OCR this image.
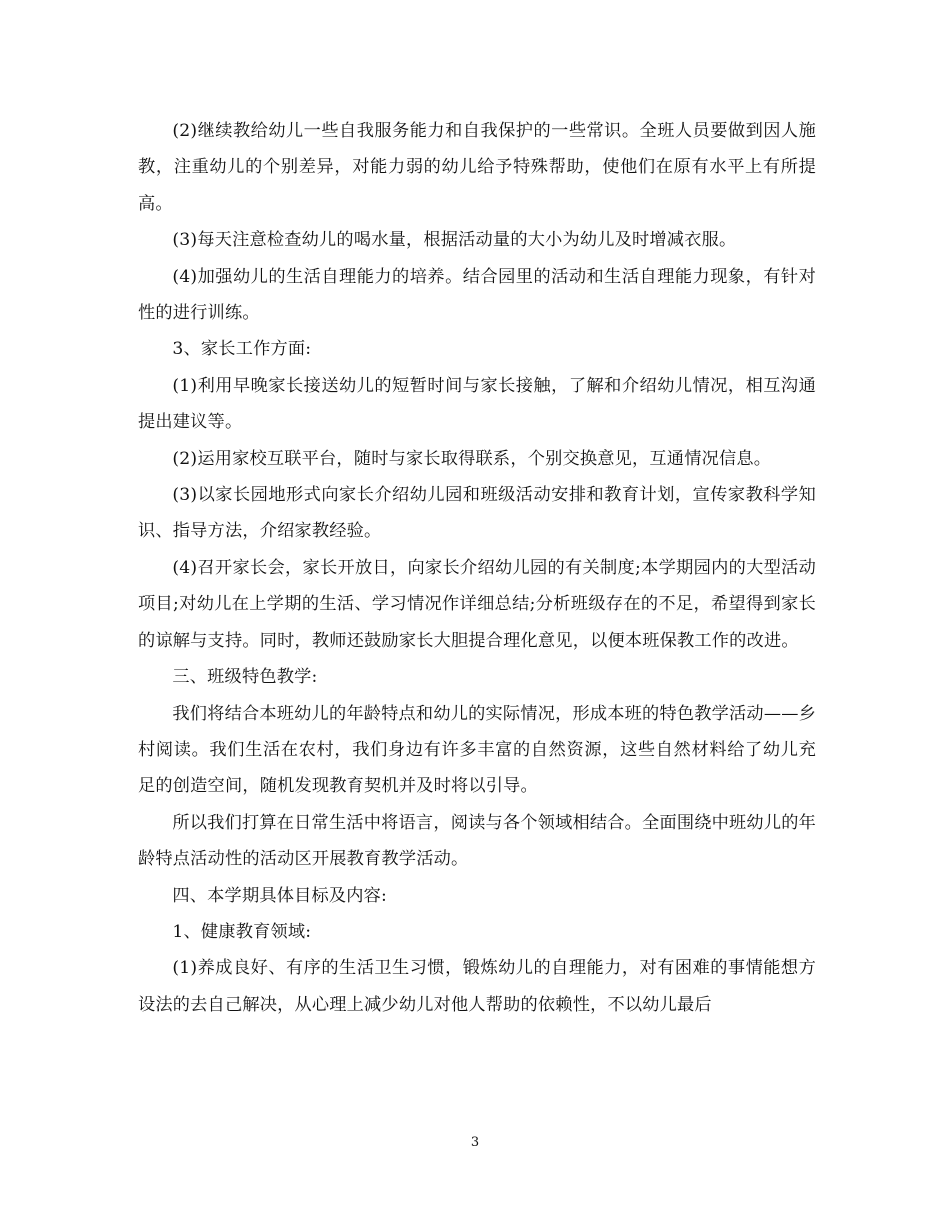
(2)继续教给幼儿一些自我服务能力和自我保护的一些常识。全班人员要做到因人施教，注重幼儿的个别差异，对能力弱的幼儿给予特殊帮助，使他们在原有水平上有所提高。

(3)每天注意检查幼儿的喝水量，根据活动量的大小为幼儿及时增减衣服。

(4)加强幼儿的生活自理能力的培养。结合园里的活动和生活自理能力现象，有针对性的进行训练。

3、家长工作方面:

(1)利用早晚家长接送幼儿的短暂时间与家长接触，了解和介绍幼儿情况，相互沟通提出建议等。

(2)运用家校互联平台，随时与家长取得联系，个别交换意见，互通情况信息。

(3)以家长园地形式向家长介绍幼儿园和班级活动安排和教育计划，宣传家教科学知识、指导方法，介绍家教经验。

(4)召开家长会，家长开放日，向家长介绍幼儿园的有关制度;本学期园内的大型活动项目;对幼儿在上学期的生活、学习情况作详细总结;分析班级存在的不足，希望得到家长的谅解与支持。同时，教师还鼓励家长大胆提合理化意见，以便本班保教工作的改进。

三、班级特色教学:

我们将结合本班幼儿的年龄特点和幼儿的实际情况，形成本班的特色教学活动——乡村阅读。我们生活在农村，我们身边有许多丰富的自然资源，这些自然材料给了幼儿充足的创造空间，随机发现教育契机并及时将以引导。

所以我们打算在日常生活中将语言，阅读与各个领域相结合。全面围绕中班幼儿的年龄特点活动性的活动区开展教育教学活动。

四、本学期具体目标及内容:

1、健康教育领域:

(1)养成良好、有序的生活卫生习惯，锻炼幼儿的自理能力，对有困难的事情能想方设法的去自己解决，从心理上减少幼儿对他人帮助的依赖性，不以幼儿最后

3
